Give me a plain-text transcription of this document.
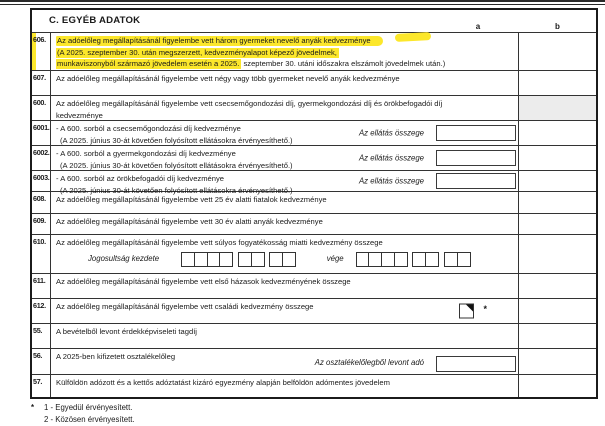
C. EGYÉB ADATOK
a	b
606.	Az adóelőleg megállapításánál figyelembe vett három gyermeket nevelő anyák kedvezménye
(A 2025. szeptember 30. után megszerzett, kedvezményalapot képező jövedelmek,
munkaviszonyból származó jövedelem esetén a 2025. szeptember 30. utáni időszakra elszámolt jövedelmek után.)
607.	Az adóelőleg megállapításánál figyelembe vett négy vagy több gyermeket nevelő anyák kedvezménye
600.	Az adóelőleg megállapításánál figyelembe vett csecsemőgondozási díj, gyermekgondozási díj és örökbefogadói díj
kedvezménye
6001. - A 600. sorból a csecsemőgondozási díj kedvezménye
(A 2025. június 30-át követően folyósított ellátásokra érvényesíthető.)
Az ellátás összege
6002. - A 600. sorból a gyermekgondozási díj kedvezménye
(A 2025. június 30-át követően folyósított ellátásokra érvényesíthető.)
Az ellátás összege
6003. - A 600. sorból az örökbefogadói díj kedvezménye
(A 2025. június 30-át követően folyósított ellátásokra érvényesíthető.)
Az ellátás összege
608.	Az adóelőleg megállapításánál figyelembe vett 25 év alatti fiatalok kedvezménye
609.	Az adóelőleg megállapításánál figyelembe vett 30 év alatti anyák kedvezménye
610.	Az adóelőleg megállapításánál figyelembe vett súlyos fogyatékosság miatti kedvezmény összege
Jogosultság kezdete	vége
611.	Az adóelőleg megállapításánál figyelembe vett első házasok kedvezményének összege
612.	Az adóelőleg megállapításánál figyelembe vett családi kedvezmény összege	*
55.	A bevételből levont érdekképviseleti tagdíj
56.	A 2025-ben kifizetett osztalékelőleg
Az osztalékelőlegből levont adó
57.	Külföldön adózott és a kettős adóztatást kizáró egyezmény alapján belföldön adómentes jövedelem
* 1 - Egyedül érvényesített.
2 - Közösen érvényesített.
